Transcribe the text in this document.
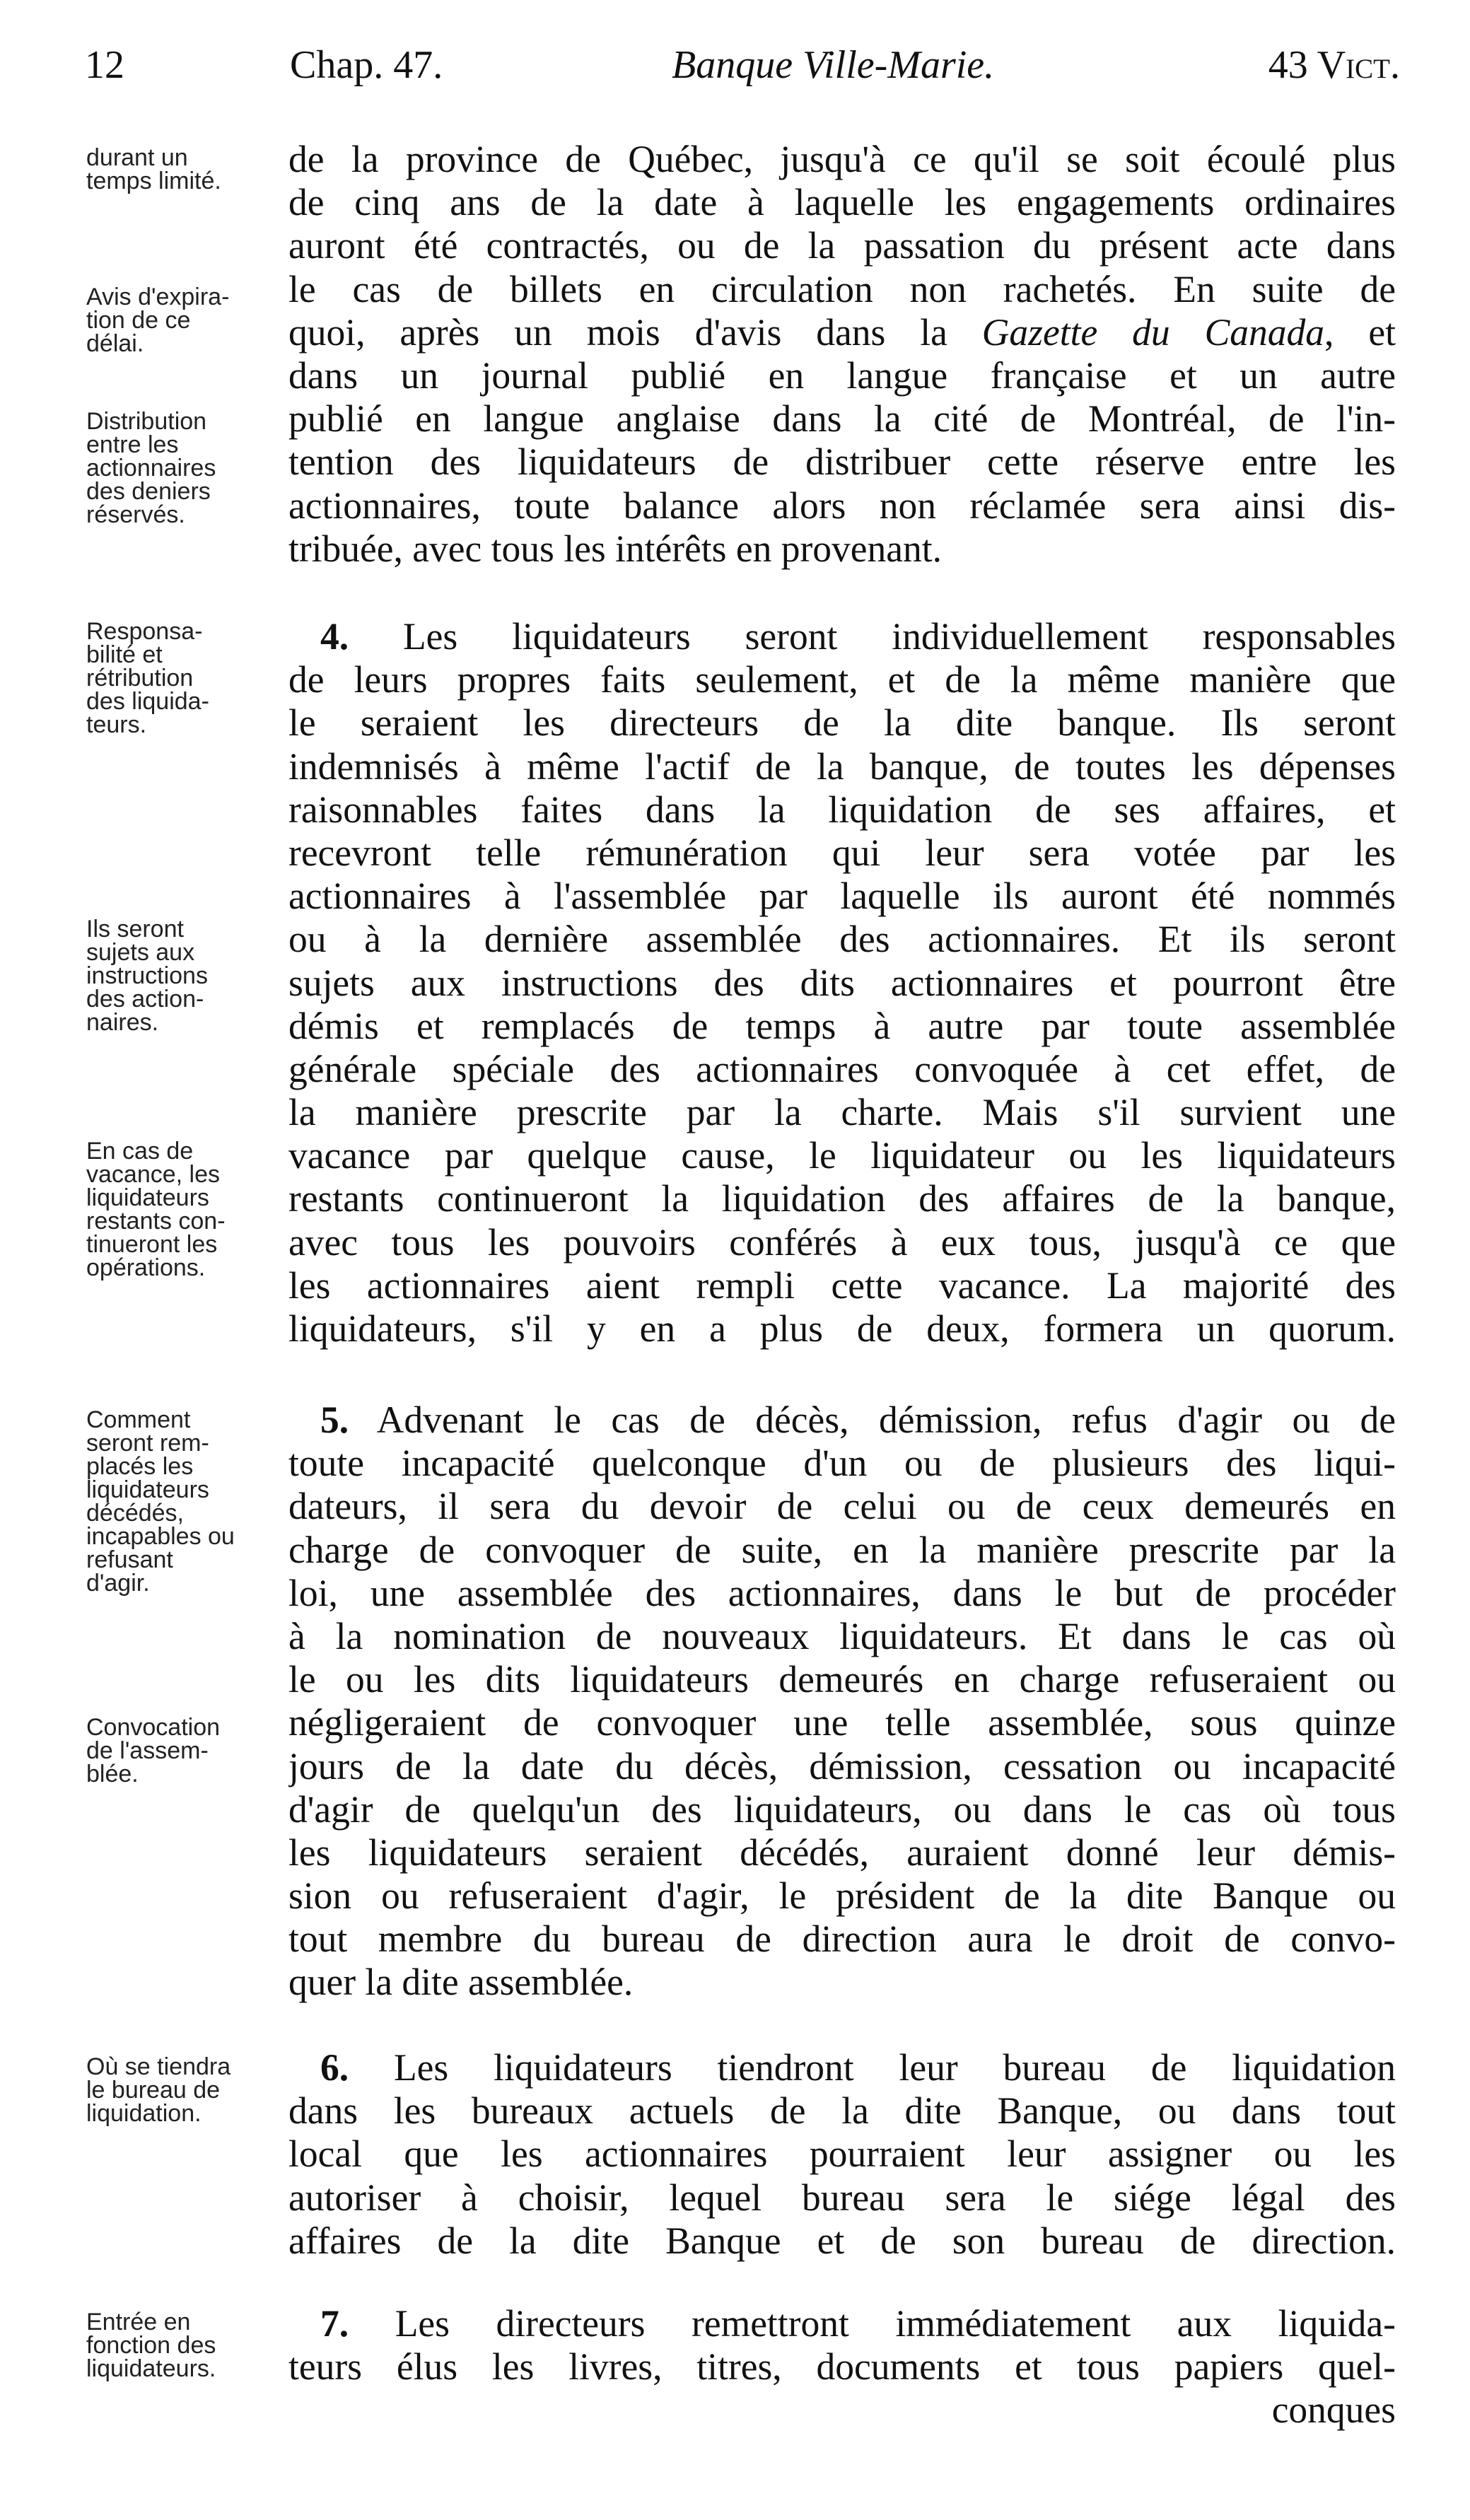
12	Chap. 47.	Banque Ville-Marie.	43 Vict.
durant un
temps limité.
Avis d'expira-
tion de ce
délai.
Distribution
entre les
actionnaires
des deniers
réservés.
Responsa-
bilité et
rétribution
des liquida-
teurs.
Ils seront
sujets aux
instructions
des action-
naires.
En cas de
vacance, les
liquidateurs
restants con-
tinueront les
opérations.
Comment
seront rem-
placés les
liquidateurs
décédés,
incapables ou
refusant
d'agir.
Convocation
de l'assem-
blée.
Où se tiendra
le bureau de
liquidation.
Entrée en
fonction des
liquidateurs.
de la province de Québec, jusqu'à ce qu'il se soit écoulé plus
de cinq ans de la date à laquelle les engagements ordinaires
auront été contractés, ou de la passation du présent acte dans
le cas de billets en circulation non rachetés. En suite de
quoi, après un mois d'avis dans la Gazette du Canada, et
dans un journal publié en langue française et un autre
publié en langue anglaise dans la cité de Montréal, de l'in-
tention des liquidateurs de distribuer cette réserve entre les
actionnaires, toute balance alors non réclamée sera ainsi dis-
tribuée, avec tous les intérêts en provenant.
4. Les liquidateurs seront individuellement responsables
de leurs propres faits seulement, et de la même manière que
le seraient les directeurs de la dite banque. Ils seront
indemnisés à même l'actif de la banque, de toutes les dépenses
raisonnables faites dans la liquidation de ses affaires, et
recevront telle rémunération qui leur sera votée par les
actionnaires à l'assemblée par laquelle ils auront été nommés
ou à la dernière assemblée des actionnaires. Et ils seront
sujets aux instructions des dits actionnaires et pourront être
démis et remplacés de temps à autre par toute assemblée
générale spéciale des actionnaires convoquée à cet effet, de
la manière prescrite par la charte. Mais s'il survient une
vacance par quelque cause, le liquidateur ou les liquidateurs
restants continueront la liquidation des affaires de la banque,
avec tous les pouvoirs conférés à eux tous, jusqu'à ce que
les actionnaires aient rempli cette vacance. La majorité des
liquidateurs, s'il y en a plus de deux, formera un quorum.
5. Advenant le cas de décès, démission, refus d'agir ou de
toute incapacité quelconque d'un ou de plusieurs des liqui-
dateurs, il sera du devoir de celui ou de ceux demeurés en
charge de convoquer de suite, en la manière prescrite par la
loi, une assemblée des actionnaires, dans le but de procéder
à la nomination de nouveaux liquidateurs. Et dans le cas où
le ou les dits liquidateurs demeurés en charge refuseraient ou
négligeraient de convoquer une telle assemblée, sous quinze
jours de la date du décès, démission, cessation ou incapacité
d'agir de quelqu'un des liquidateurs, ou dans le cas où tous
les liquidateurs seraient décédés, auraient donné leur démis-
sion ou refuseraient d'agir, le président de la dite Banque ou
tout membre du bureau de direction aura le droit de convo-
quer la dite assemblée.
6. Les liquidateurs tiendront leur bureau de liquidation
dans les bureaux actuels de la dite Banque, ou dans tout
local que les actionnaires pourraient leur assigner ou les
autoriser à choisir, lequel bureau sera le siége légal des
affaires de la dite Banque et de son bureau de direction.
7. Les directeurs remettront immédiatement aux liquida-
teurs élus les livres, titres, documents et tous papiers quel-
conques
